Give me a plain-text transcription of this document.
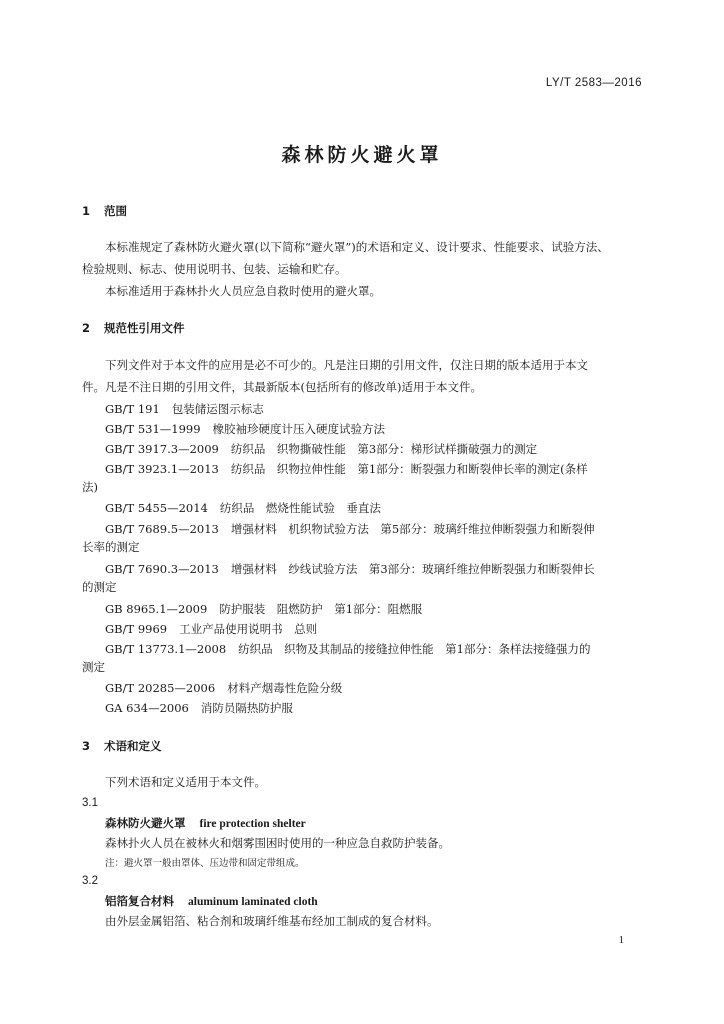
LY/T 2583—2016
森林防火避火罩
1 范围
本标准规定了森林防火避火罩(以下简称“避火罩”)的术语和定义、设计要求、性能要求、试验方法、
检验规则、标志、使用说明书、包装、运输和贮存。
本标准适用于森林扑火人员应急自救时使用的避火罩。
2 规范性引用文件
下列文件对于本文件的应用是必不可少的。凡是注日期的引用文件，仅注日期的版本适用于本文
件。凡是不注日期的引用文件，其最新版本(包括所有的修改单)适用于本文件。
GB/T 191 包装储运图示标志
GB/T 531—1999 橡胶袖珍硬度计压入硬度试验方法
GB/T 3917.3—2009 纺织品　织物撕破性能　第3部分：梯形试样撕破强力的测定
GB/T 3923.1—2013 纺织品　织物拉伸性能　第1部分：断裂强力和断裂伸长率的测定(条样
法)
GB/T 5455—2014 纺织品　燃烧性能试验　垂直法
GB/T 7689.5—2013 增强材料　机织物试验方法　第5部分：玻璃纤维拉伸断裂强力和断裂伸
长率的测定
GB/T 7690.3—2013 增强材料　纱线试验方法　第3部分：玻璃纤维拉伸断裂强力和断裂伸长
的测定
GB 8965.1—2009 防护服装　阻燃防护　第1部分：阻燃服
GB/T 9969 工业产品使用说明书　总则
GB/T 13773.1—2008 纺织品　织物及其制品的接缝拉伸性能　第1部分：条样法接缝强力的
测定
GB/T 20285—2006 材料产烟毒性危险分级
GA 634—2006 消防员隔热防护服
3 术语和定义
下列术语和定义适用于本文件。
3.1
森林防火避火罩 fire protection shelter
森林扑火人员在被林火和烟雾围困时使用的一种应急自救防护装备。
注：避火罩一般由罩体、压边带和固定带组成。
3.2
铝箔复合材料 aluminum laminated cloth
由外层金属铝箔、粘合剂和玻璃纤维基布经加工制成的复合材料。
1
